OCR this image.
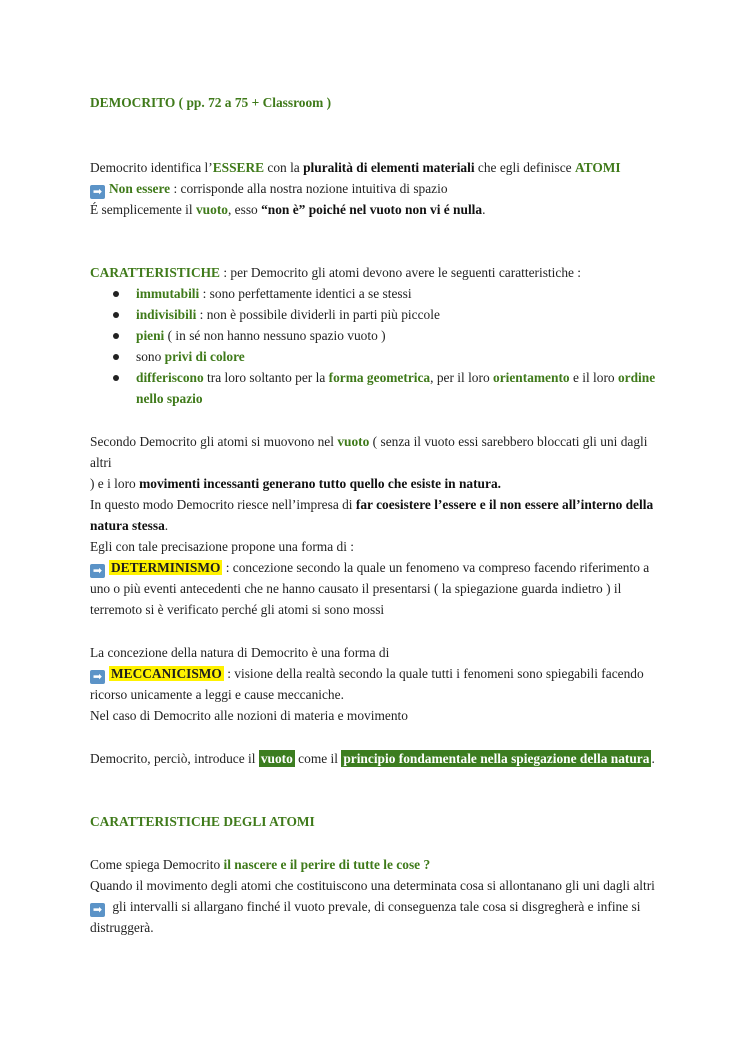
DEMOCRITO ( pp. 72 a 75 + Classroom )

Democrito identifica l’ESSERE con la pluralità di elementi materiali che egli definisce ATOMI

➡ Non essere : corrisponde alla nostra nozione intuitiva di spazio

É semplicemente il vuoto, esso “non è” poiché nel vuoto non vi é nulla.

CARATTERISTICHE : per Democrito gli atomi devono avere le seguenti caratteristiche :

immutabili : sono perfettamente identici a se stessi
indivisibili : non è possibile dividerli in parti più piccole
pieni ( in sé non hanno nessuno spazio vuoto )
sono privi di colore
differiscono tra loro soltanto per la forma geometrica, per il loro orientamento e il loro ordine
nello spazio

Secondo Democrito gli atomi si muovono nel vuoto ( senza il vuoto essi sarebbero bloccati gli uni dagli altri

) e i loro movimenti incessanti generano tutto quello che esiste in natura.

In questo modo Democrito riesce nell’impresa di far coesistere l’essere e il non essere all’interno della

natura stessa.

Egli con tale precisazione propone una forma di :

➡ DETERMINISMO : concezione secondo la quale un fenomeno va compreso facendo riferimento a

uno o più eventi antecedenti che ne hanno causato il presentarsi ( la spiegazione guarda indietro ) il

terremoto si è verificato perché gli atomi si sono mossi

La concezione della natura di Democrito è una forma di

➡ MECCANICISMO : visione della realtà secondo la quale tutti i fenomeni sono spiegabili facendo

ricorso unicamente a leggi e cause meccaniche.

Nel caso di Democrito alle nozioni di materia e movimento

Democrito, perciò, introduce il vuoto come il principio fondamentale nella spiegazione della natura .

CARATTERISTICHE DEGLI ATOMI

Come spiega Democrito il nascere e il perire di tutte le cose ?

Quando il movimento degli atomi che costituiscono una determinata cosa si allontanano gli uni dagli altri

➡ gli intervalli si allargano finché il vuoto prevale, di conseguenza tale cosa si disgregherà e infine si

distruggerà.
